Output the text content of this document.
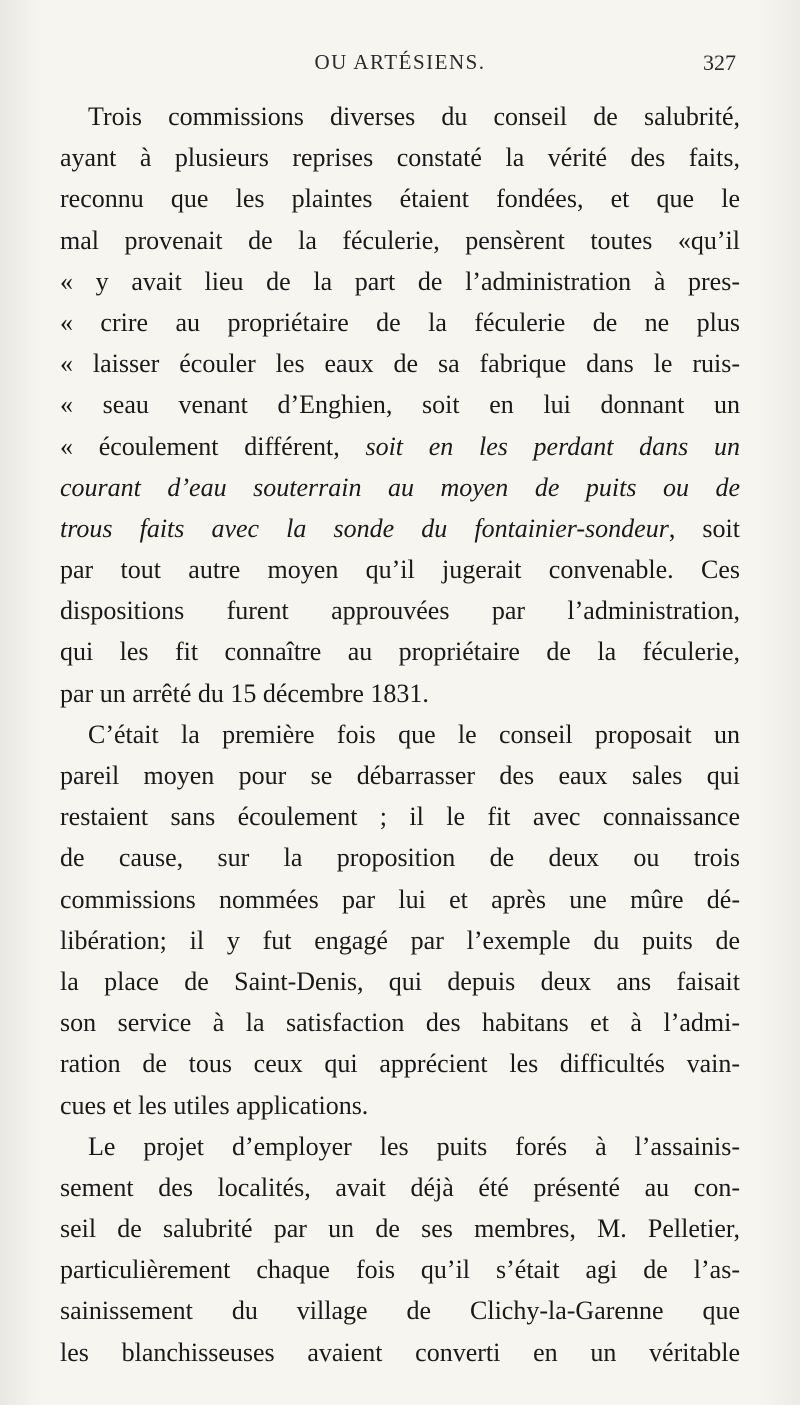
OU ARTÉSIENS.	327
Trois commissions diverses du conseil de salubrité,
ayant à plusieurs reprises constaté la vérité des faits,
reconnu que les plaintes étaient fondées, et que le
mal provenait de la féculerie, pensèrent toutes «qu’il
« y avait lieu de la part de l’administration à pres-
« crire au propriétaire de la féculerie de ne plus
« laisser écouler les eaux de sa fabrique dans le ruis-
« seau venant d’Enghien, soit en lui donnant un
« écoulement différent, soit en les perdant dans un
courant d’eau souterrain au moyen de puits ou de
trous faits avec la sonde du fontainier-sondeur, soit
par tout autre moyen qu’il jugerait convenable. Ces
dispositions furent approuvées par l’administration,
qui les fit connaître au propriétaire de la féculerie,
par un arrêté du 15 décembre 1831.
C’était la première fois que le conseil proposait un
pareil moyen pour se débarrasser des eaux sales qui
restaient sans écoulement ; il le fit avec connaissance
de cause, sur la proposition de deux ou trois
commissions nommées par lui et après une mûre dé-
libération; il y fut engagé par l’exemple du puits de
la place de Saint-Denis, qui depuis deux ans faisait
son service à la satisfaction des habitans et à l’admi-
ration de tous ceux qui apprécient les difficultés vain-
cues et les utiles applications.
Le projet d’employer les puits forés à l’assainis-
sement des localités, avait déjà été présenté au con-
seil de salubrité par un de ses membres, M. Pelletier,
particulièrement chaque fois qu’il s’était agi de l’as-
sainissement du village de Clichy-la-Garenne que
les blanchisseuses avaient converti en un véritable
